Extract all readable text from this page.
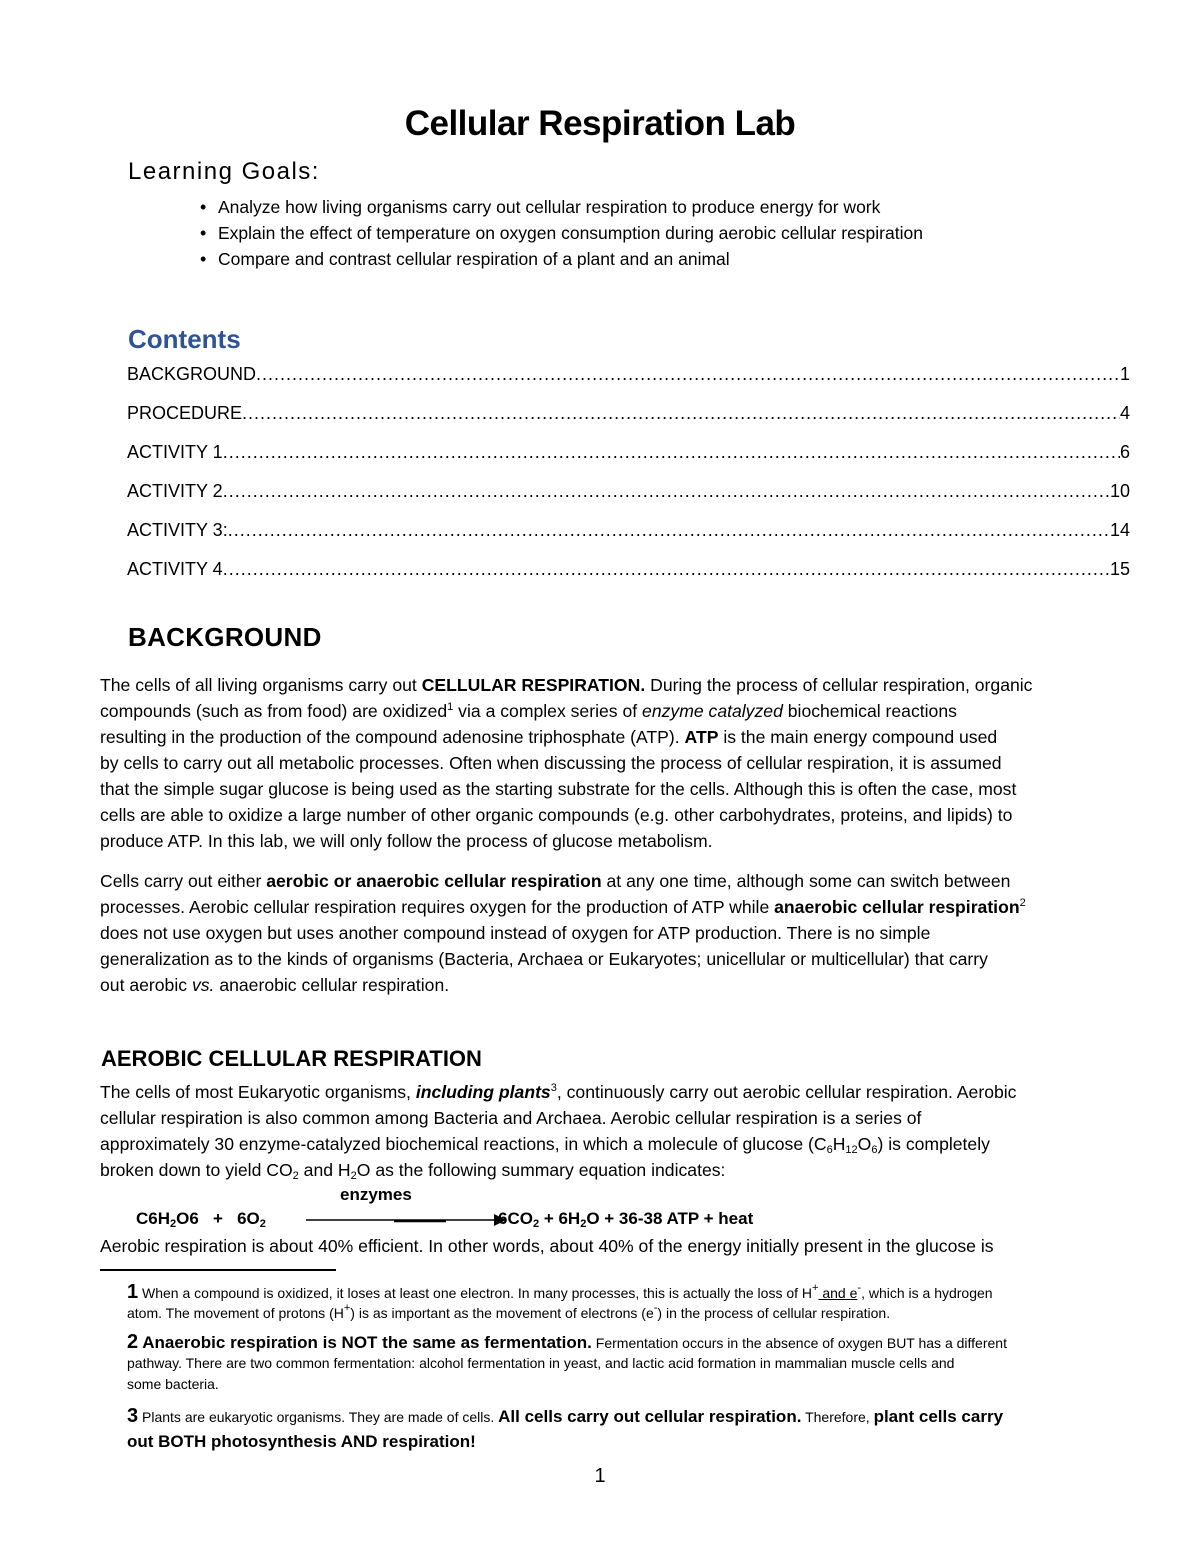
Cellular Respiration Lab
Learning Goals:
• Analyze how living organisms carry out cellular respiration to produce energy for work
• Explain the effect of temperature on oxygen consumption during aerobic cellular respiration
• Compare and contrast cellular respiration of a plant and an animal
Contents
BACKGROUND .....	1
PROCEDURE .....	4
ACTIVITY 1 .....	6
ACTIVITY 2 .....	10
ACTIVITY 3: .....	14
ACTIVITY 4 .....	15
BACKGROUND

The cells of all living organisms carry out CELLULAR RESPIRATION. During the process of cellular respiration, organic
compounds (such as from food) are oxidized$^1$ via a complex series of enzyme catalyzed biochemical reactions
resulting in the production of the compound adenosine triphosphate (ATP). ATP is the main energy compound used
by cells to carry out all metabolic processes. Often when discussing the process of cellular respiration, it is assumed
that the simple sugar glucose is being used as the starting substrate for the cells. Although this is often the case, most
cells are able to oxidize a large number of other organic compounds (e.g. other carbohydrates, proteins, and lipids) to
produce ATP. In this lab, we will only follow the process of glucose metabolism.

Cells carry out either aerobic or anaerobic cellular respiration at any one time, although some can switch between
processes. Aerobic cellular respiration requires oxygen for the production of ATP while anaerobic cellular respiration$^2$
does not use oxygen but uses another compound instead of oxygen for ATP production. There is no simple
generalization as to the kinds of organisms (Bacteria, Archaea or Eukaryotes; unicellular or multicellular) that carry
out aerobic vs. anaerobic cellular respiration.

AEROBIC CELLULAR RESPIRATION

The cells of most Eukaryotic organisms, including plants$^3$, continuously carry out aerobic cellular respiration. Aerobic
cellular respiration is also common among Bacteria and Archaea. Aerobic cellular respiration is a series of
approximately 30 enzyme-catalyzed biochemical reactions, in which a molecule of glucose $(C_6H_{12}O_6)$ is completely
broken down to yield $CO_2$ and $H_2O$ as the following summary equation indicates:

enzymes
$C6H_2O6 + 6O_2$	$6CO_2 + 6H_2O + 36-38$ ATP + heat

Aerobic respiration is about 40% efficient. In other words, about 40% of the energy initially present in the glucose is

1 When a compound is oxidized, it loses at least one electron. In many processes, this is actually the loss of H+ and e-, which is a hydrogen
atom. The movement of protons (H+) is as important as the movement of electrons (e-) in the process of cellular respiration.

2 Anaerobic respiration is NOT the same as fermentation. Fermentation occurs in the absence of oxygen BUT has a different
pathway. There are two common fermentation: alcohol fermentation in yeast, and lactic acid formation in mammalian muscle cells and
some bacteria.

3 Plants are eukaryotic organisms. They are made of cells. All cells carry out cellular respiration. Therefore, plant cells carry
out BOTH photosynthesis AND respiration!

1
